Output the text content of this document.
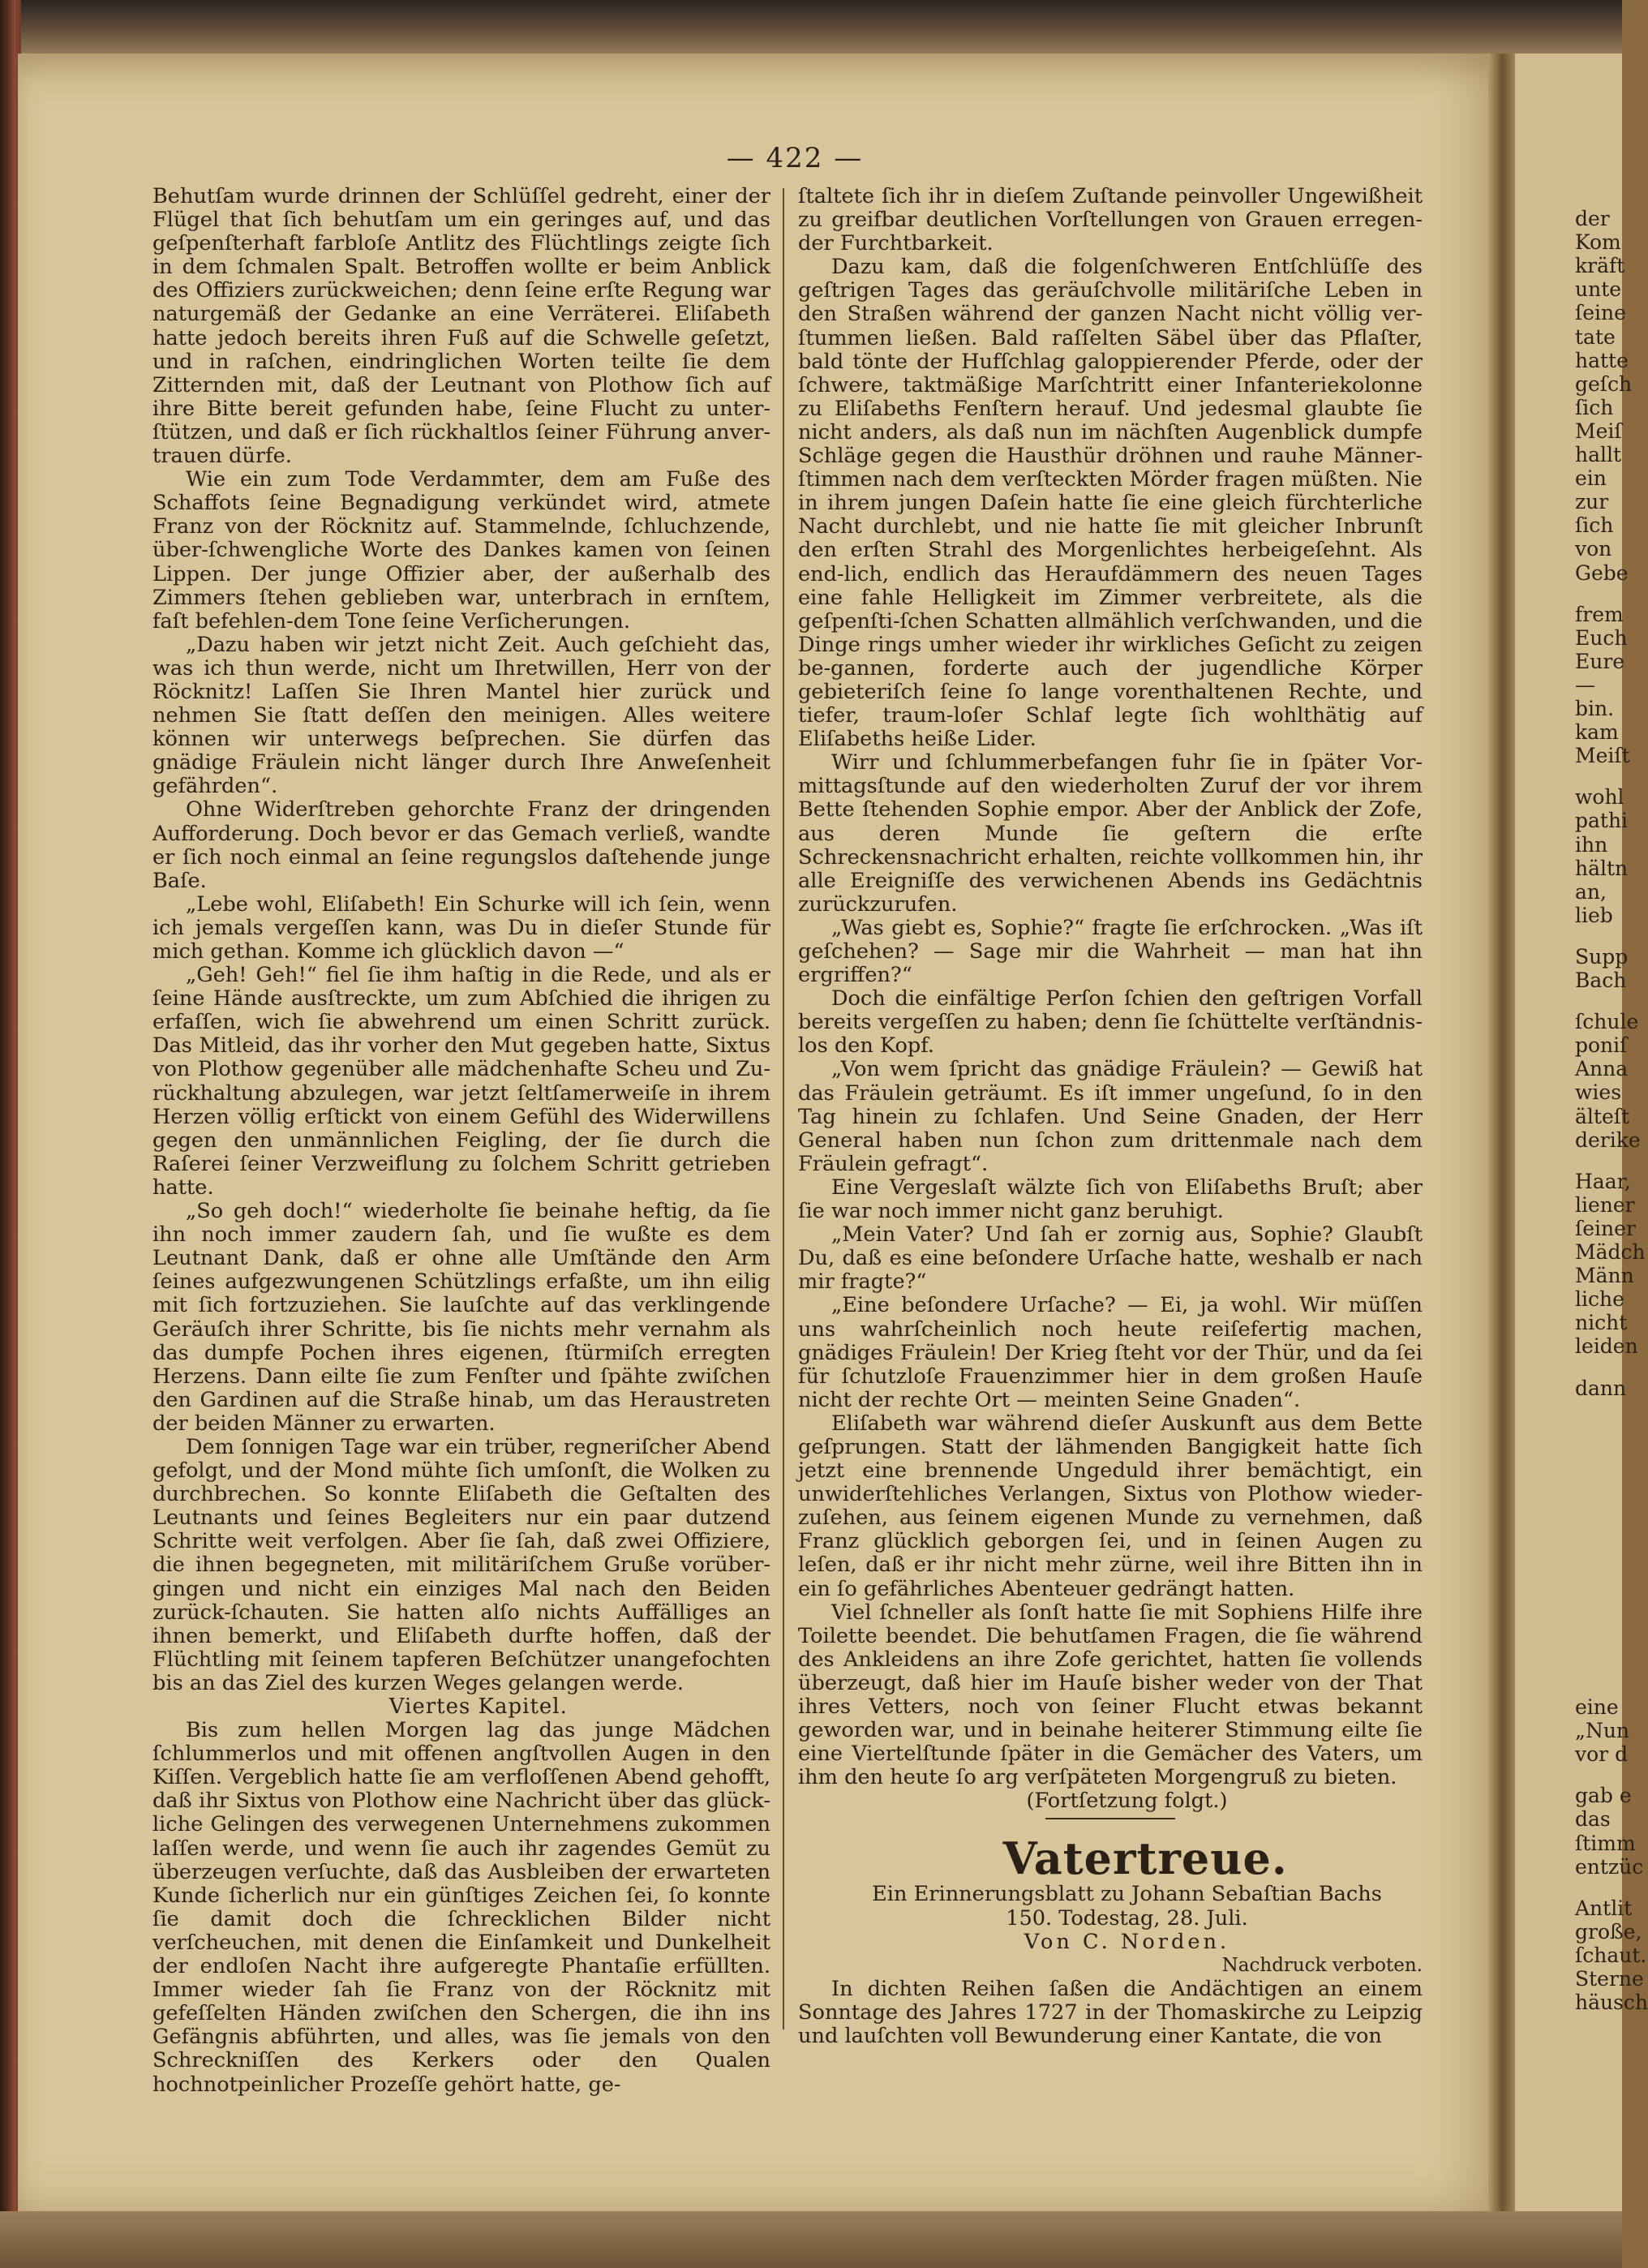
— 422 —

Behutſam wurde drinnen der Schlüſſel gedreht, einer der Flügel that ſich behutſam um ein geringes auf, und das geſpenſterhaft farbloſe Antlitz des Flüchtlings zeigte ſich in dem ſchmalen Spalt. Betroffen wollte er beim Anblick des Offiziers zurückweichen; denn ſeine erſte Regung war naturgemäß der Gedanke an eine Verräterei. Eliſabeth hatte jedoch bereits ihren Fuß auf die Schwelle geſetzt, und in raſchen, eindringlichen Worten teilte ſie dem Zitternden mit, daß der Leutnant von Plothow ſich auf ihre Bitte bereit gefunden habe, ſeine Flucht zu unter-ſtützen, und daß er ſich rückhaltlos ſeiner Führung anver-trauen dürfe.

Wie ein zum Tode Verdammter, dem am Fuße des Schaffots ſeine Begnadigung verkündet wird, atmete Franz von der Röcknitz auf. Stammelnde, ſchluchzende, über-ſchwengliche Worte des Dankes kamen von ſeinen Lippen. Der junge Offizier aber, der außerhalb des Zimmers ſtehen geblieben war, unterbrach in ernſtem, faſt befehlen-dem Tone ſeine Verſicherungen.

„Dazu haben wir jetzt nicht Zeit. Auch geſchieht das, was ich thun werde, nicht um Ihretwillen, Herr von der Röcknitz! Laſſen Sie Ihren Mantel hier zurück und nehmen Sie ſtatt deſſen den meinigen. Alles weitere können wir unterwegs beſprechen. Sie dürfen das gnädige Fräulein nicht länger durch Ihre Anweſenheit gefährden“.

Ohne Widerſtreben gehorchte Franz der dringenden Aufforderung. Doch bevor er das Gemach verließ, wandte er ſich noch einmal an ſeine regungslos daſtehende junge Baſe.

„Lebe wohl, Eliſabeth! Ein Schurke will ich ſein, wenn ich jemals vergeſſen kann, was Du in dieſer Stunde für mich gethan. Komme ich glücklich davon —“

„Geh! Geh!“ fiel ſie ihm haſtig in die Rede, und als er ſeine Hände ausſtreckte, um zum Abſchied die ihrigen zu erfaſſen, wich ſie abwehrend um einen Schritt zurück. Das Mitleid, das ihr vorher den Mut gegeben hatte, Sixtus von Plothow gegenüber alle mädchenhafte Scheu und Zu-rückhaltung abzulegen, war jetzt ſeltſamerweiſe in ihrem Herzen völlig erſtickt von einem Gefühl des Widerwillens gegen den unmännlichen Feigling, der ſie durch die Raſerei ſeiner Verzweiflung zu ſolchem Schritt getrieben hatte.

„So geh doch!“ wiederholte ſie beinahe heftig, da ſie ihn noch immer zaudern ſah, und ſie wußte es dem Leutnant Dank, daß er ohne alle Umſtände den Arm ſeines aufgezwungenen Schützlings erfaßte, um ihn eilig mit ſich fortzuziehen. Sie lauſchte auf das verklingende Geräuſch ihrer Schritte, bis ſie nichts mehr vernahm als das dumpfe Pochen ihres eigenen, ſtürmiſch erregten Herzens. Dann eilte ſie zum Fenſter und ſpähte zwiſchen den Gardinen auf die Straße hinab, um das Heraustreten der beiden Männer zu erwarten.

Dem ſonnigen Tage war ein trüber, regneriſcher Abend gefolgt, und der Mond mühte ſich umſonſt, die Wolken zu durchbrechen. So konnte Eliſabeth die Geſtalten des Leutnants und ſeines Begleiters nur ein paar dutzend Schritte weit verfolgen. Aber ſie ſah, daß zwei Offiziere, die ihnen begegneten, mit militäriſchem Gruße vorüber-gingen und nicht ein einziges Mal nach den Beiden zurück-ſchauten. Sie hatten alſo nichts Auffälliges an ihnen bemerkt, und Eliſabeth durfte hoffen, daß der Flüchtling mit ſeinem tapferen Beſchützer unangefochten bis an das Ziel des kurzen Weges gelangen werde.

Viertes Kapitel.

Bis zum hellen Morgen lag das junge Mädchen ſchlummerlos und mit offenen angſtvollen Augen in den Kiſſen. Vergeblich hatte ſie am verfloſſenen Abend gehofft, daß ihr Sixtus von Plothow eine Nachricht über das glück-liche Gelingen des verwegenen Unternehmens zukommen laſſen werde, und wenn ſie auch ihr zagendes Gemüt zu überzeugen verſuchte, daß das Ausbleiben der erwarteten Kunde ſicherlich nur ein günſtiges Zeichen ſei, ſo konnte ſie damit doch die ſchrecklichen Bilder nicht verſcheuchen, mit denen die Einſamkeit und Dunkelheit der endloſen Nacht ihre aufgeregte Phantaſie erfüllten. Immer wieder ſah ſie Franz von der Röcknitz mit gefeſſelten Händen zwiſchen den Schergen, die ihn ins Gefängnis abführten, und alles, was ſie jemals von den Schreckniſſen des Kerkers oder den Qualen hochnotpeinlicher Prozeſſe gehört hatte, ge-

ſtaltete ſich ihr in dieſem Zuſtande peinvoller Ungewißheit zu greifbar deutlichen Vorſtellungen von Grauen erregen-der Furchtbarkeit.

Dazu kam, daß die folgenſchweren Entſchlüſſe des geſtrigen Tages das geräuſchvolle militäriſche Leben in den Straßen während der ganzen Nacht nicht völlig ver-ſtummen ließen. Bald raſſelten Säbel über das Pflaſter, bald tönte der Hufſchlag galoppierender Pferde, oder der ſchwere, taktmäßige Marſchtritt einer Infanteriekolonne zu Eliſabeths Fenſtern herauf. Und jedesmal glaubte ſie nicht anders, als daß nun im nächſten Augenblick dumpfe Schläge gegen die Hausthür dröhnen und rauhe Männer-ſtimmen nach dem verſteckten Mörder fragen müßten. Nie in ihrem jungen Daſein hatte ſie eine gleich fürchterliche Nacht durchlebt, und nie hatte ſie mit gleicher Inbrunſt den erſten Strahl des Morgenlichtes herbeigeſehnt. Als end-lich, endlich das Heraufdämmern des neuen Tages eine fahle Helligkeit im Zimmer verbreitete, als die geſpenſti-ſchen Schatten allmählich verſchwanden, und die Dinge rings umher wieder ihr wirkliches Geſicht zu zeigen be-gannen, forderte auch der jugendliche Körper gebieteriſch ſeine ſo lange vorenthaltenen Rechte, und tiefer, traum-loſer Schlaf legte ſich wohlthätig auf Eliſabeths heiße Lider.

Wirr und ſchlummerbefangen fuhr ſie in ſpäter Vor-mittagsſtunde auf den wiederholten Zuruf der vor ihrem Bette ſtehenden Sophie empor. Aber der Anblick der Zofe, aus deren Munde ſie geſtern die erſte Schreckensnachricht erhalten, reichte vollkommen hin, ihr alle Ereigniſſe des verwichenen Abends ins Gedächtnis zurückzurufen.

„Was giebt es, Sophie?“ fragte ſie erſchrocken. „Was iſt geſchehen? — Sage mir die Wahrheit — man hat ihn ergriffen?“

Doch die einfältige Perſon ſchien den geſtrigen Vorfall bereits vergeſſen zu haben; denn ſie ſchüttelte verſtändnis-los den Kopf.

„Von wem ſpricht das gnädige Fräulein? — Gewiß hat das Fräulein geträumt. Es iſt immer ungeſund, ſo in den Tag hinein zu ſchlafen. Und Seine Gnaden, der Herr General haben nun ſchon zum drittenmale nach dem Fräulein gefragt“.

Eine Vergeslaſt wälzte ſich von Eliſabeths Bruſt; aber ſie war noch immer nicht ganz beruhigt.

„Mein Vater? Und ſah er zornig aus, Sophie? Glaubſt Du, daß es eine beſondere Urſache hatte, weshalb er nach mir fragte?“

„Eine beſondere Urſache? — Ei, ja wohl. Wir müſſen uns wahrſcheinlich noch heute reiſefertig machen, gnädiges Fräulein! Der Krieg ſteht vor der Thür, und da ſei für ſchutzloſe Frauenzimmer hier in dem großen Hauſe nicht der rechte Ort — meinten Seine Gnaden“.

Eliſabeth war während dieſer Auskunft aus dem Bette geſprungen. Statt der lähmenden Bangigkeit hatte ſich jetzt eine brennende Ungeduld ihrer bemächtigt, ein unwiderſtehliches Verlangen, Sixtus von Plothow wieder-zuſehen, aus ſeinem eigenen Munde zu vernehmen, daß Franz glücklich geborgen ſei, und in ſeinen Augen zu leſen, daß er ihr nicht mehr zürne, weil ihre Bitten ihn in ein ſo gefährliches Abenteuer gedrängt hatten.

Viel ſchneller als ſonſt hatte ſie mit Sophiens Hilfe ihre Toilette beendet. Die behutſamen Fragen, die ſie während des Ankleidens an ihre Zofe gerichtet, hatten ſie vollends überzeugt, daß hier im Hauſe bisher weder von der That ihres Vetters, noch von ſeiner Flucht etwas bekannt geworden war, und in beinahe heiterer Stimmung eilte ſie eine Viertelſtunde ſpäter in die Gemächer des Vaters, um ihm den heute ſo arg verſpäteten Morgengruß zu bieten.

(Fortſetzung folgt.)

Vatertreue.

Ein Erinnerungsblatt zu Johann Sebaſtian Bachs

150. Todestag, 28. Juli.

Von C. Norden.

Nachdruck verboten.

In dichten Reihen ſaßen die Andächtigen an einem Sonntage des Jahres 1727 in der Thomaskirche zu Leipzig und lauſchten voll Bewunderung einer Kantate, die von

der
Kom
kräft
unte
ſeine
tate
hatte
geſch
ſich
Meiſ
hallt
ein
zur
ſich
von
Gebe
frem
Euch
Eure
—
bin.
kam
Meiſt
wohl
pathi
ihn
hältn
an,
lieb
Supp
Bach
ſchule
poniſ
Anna
wies
älteſt
derike
Haar,
liener
ſeiner
Mädch
Männ
liche
nicht
leiden
dann
eine
„Nun
vor d
gab e
das
ſtimm
entzüc
Antlit
große,
ſchaut.
Sterne
häusch
